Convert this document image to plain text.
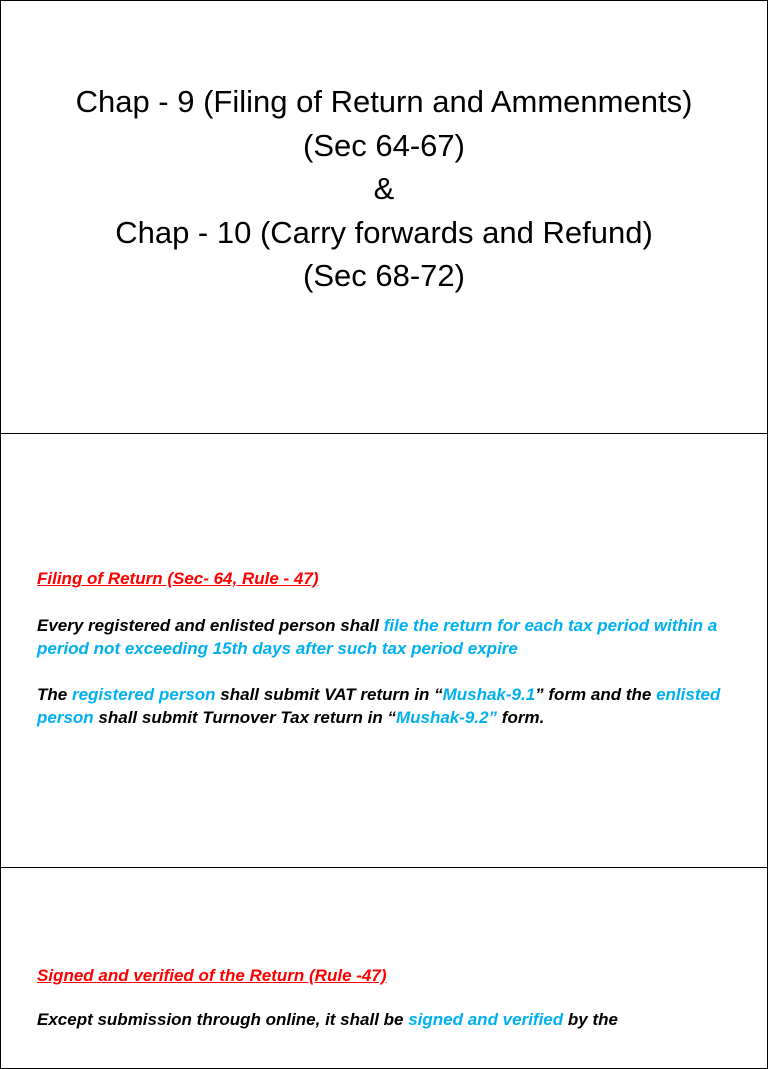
Chap - 9 (Filing of Return and Ammenments)
(Sec 64-67)
&
Chap - 10 (Carry forwards and Refund)
(Sec 68-72)

Filing of Return (Sec- 64, Rule - 47)

Every registered and enlisted person shall file the return for each tax period within a period not exceeding 15th days after such tax period expire

The registered person shall submit VAT return in “Mushak-9.1” form and the enlisted person shall submit Turnover Tax return in “Mushak-9.2” form.

Signed and verified of the Return (Rule -47)

Except submission through online, it shall be signed and verified by the
